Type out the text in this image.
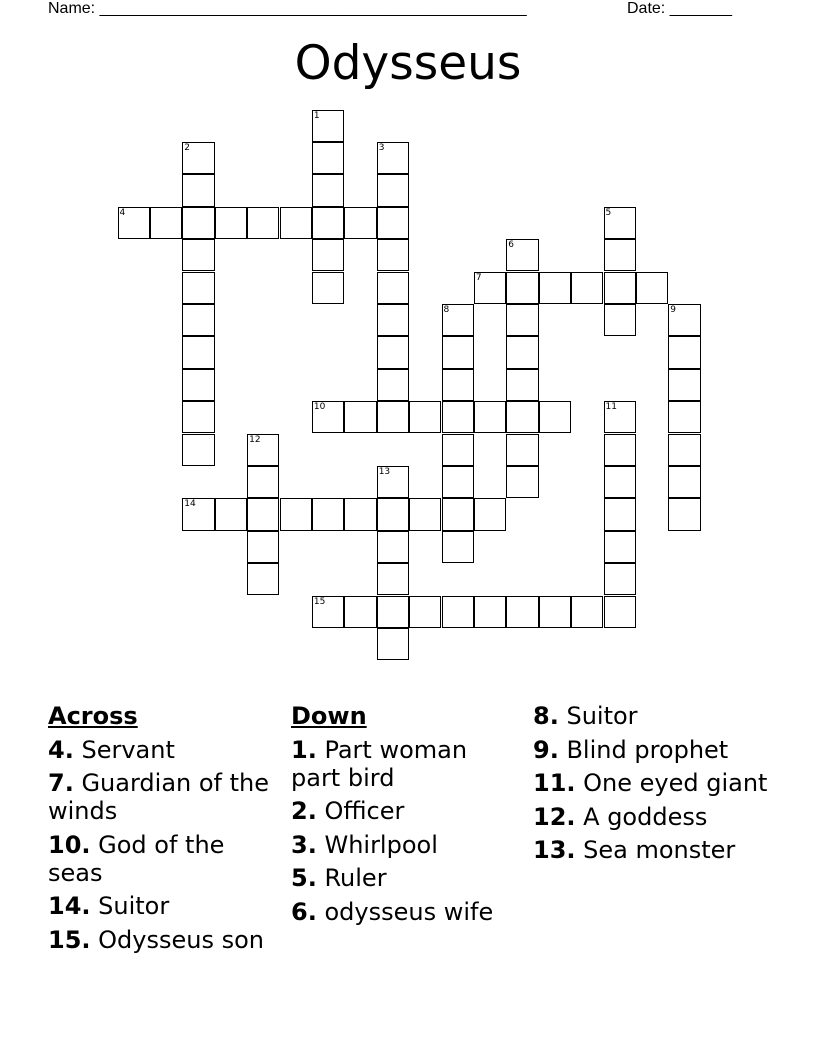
Name: ________________________________________________	Date: _______
Odysseus
1
2	3
4	5
6
7
8	9
10	11
12
13
14
15
Across
4. Servant
7. Guardian of the winds
10. God of the seas
14. Suitor
15. Odysseus son
Down
1. Part woman part bird
2. Officer
3. Whirlpool
5. Ruler
6. odysseus wife
8. Suitor
9. Blind prophet
11. One eyed giant
12. A goddess
13. Sea monster
